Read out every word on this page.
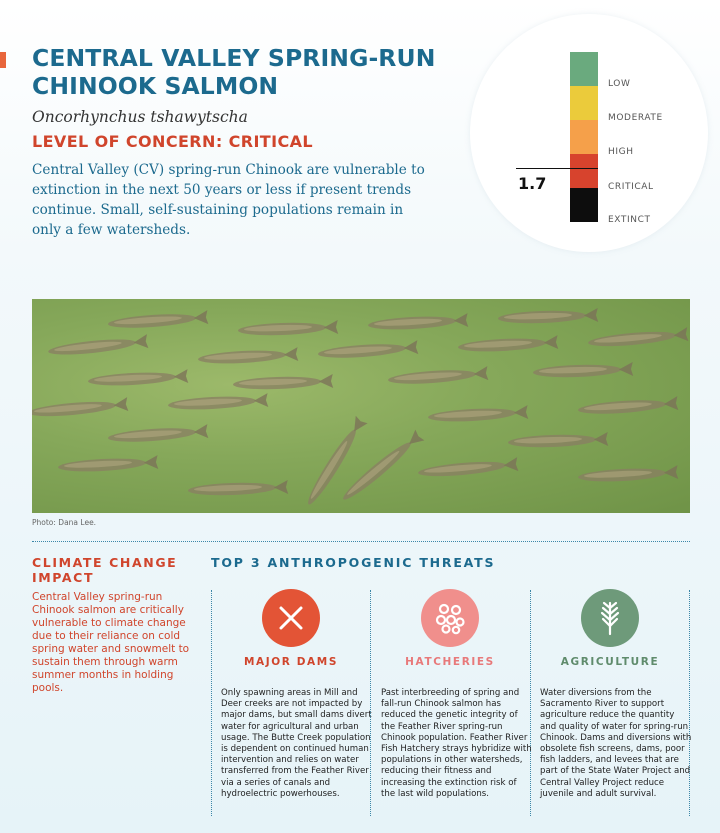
CENTRAL VALLEY SPRING-RUN CHINOOK SALMON
Oncorhynchus tshawytscha
LEVEL OF CONCERN: CRITICAL

Central Valley (CV) spring-run Chinook are vulnerable to extinction in the next 50 years or less if present trends continue. Small, self-sustaining populations remain in only a few watersheds.

LOW
MODERATE
HIGH
CRITICAL
EXTINCT
1.7
Photo: Dana Lee.
CLIMATE CHANGE IMPACT

Central Valley spring-run Chinook salmon are critically vulnerable to climate change due to their reliance on cold spring water and snowmelt to sustain them through warm summer months in holding pools.

TOP 3 ANTHROPOGENIC THREATS
MAJOR DAMS

Only spawning areas in Mill and Deer creeks are not impacted by major dams, but small dams divert water for agricultural and urban usage. The Butte Creek population is dependent on continued human intervention and relies on water transferred from the Feather River via a series of canals and hydroelectric powerhouses.

HATCHERIES

Past interbreeding of spring and fall-run Chinook salmon has reduced the genetic integrity of the Feather River spring-run Chinook population. Feather River Fish Hatchery strays hybridize with populations in other watersheds, reducing their fitness and increasing the extinction risk of the last wild populations.

AGRICULTURE

Water diversions from the Sacramento River to support agriculture reduce the quantity and quality of water for spring-run Chinook. Dams and diversions with obsolete fish screens, dams, poor fish ladders, and levees that are part of the State Water Project and Central Valley Project reduce juvenile and adult survival.
